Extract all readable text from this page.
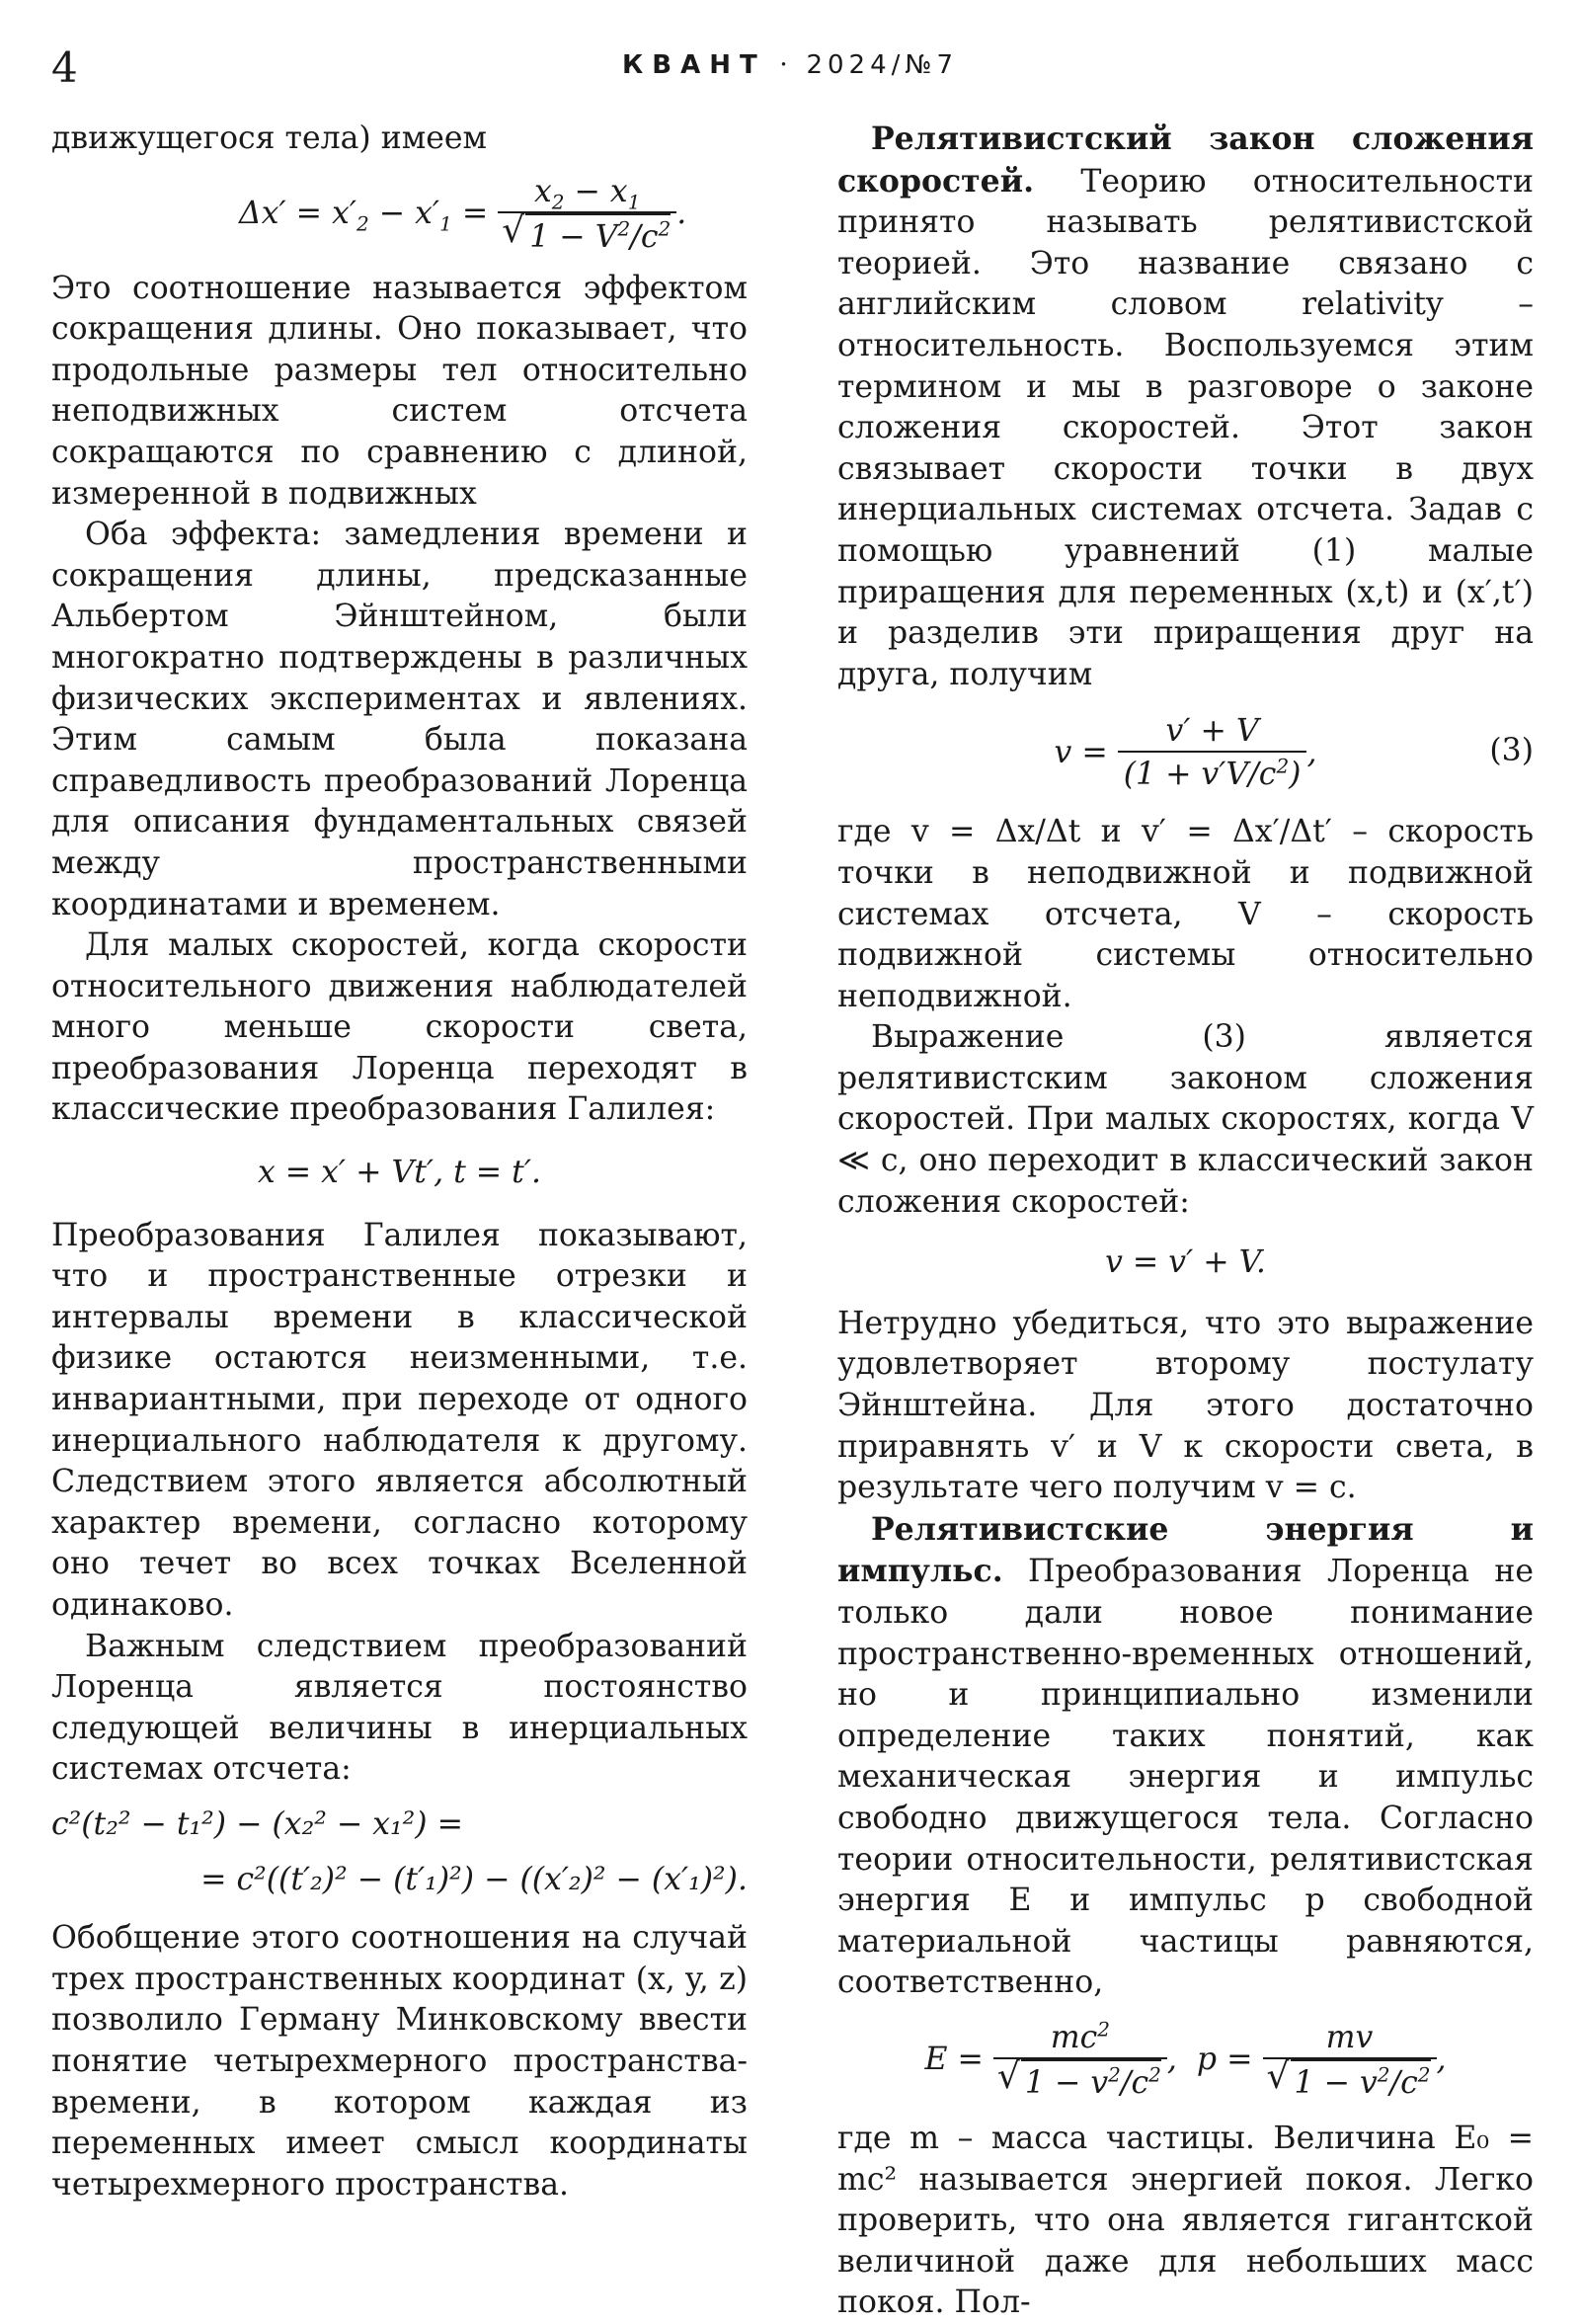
4	КВАНТ · 2024/№7

движущегося тела) имеем

$\Delta x' = x'_2 - x'_1 = x_2 - x_1$
√ $1 - V^2/c^2$ .

Это соотношение называется эффектом сокращения длины. Оно показывает, что продольные размеры тел относительно неподвижных систем отсчета сокращаются по сравнению с длиной, измеренной в подвижных

Оба эффекта: замедления времени и сокращения длины, предсказанные Альбертом Эйнштейном, были многократно подтверждены в различных физических экспериментах и явлениях. Этим самым была показана справедливость преобразований Лоренца для описания фундаментальных связей между пространственными координатами и временем.

Для малых скоростей, когда скорости относительного движения наблюдателей много меньше скорости света, преобразования Лоренца переходят в классические преобразования Галилея:

x = x′ + Vt′, t = t′.

Преобразования Галилея показывают, что и пространственные отрезки и интервалы времени в классической физике остаются неизменными, т.е. инвариантными, при переходе от одного инерциального наблюдателя к другому. Следствием этого является абсолютный характер времени, согласно которому оно течет во всех точках Вселенной одинаково.

Важным следствием преобразований Лоренца является постоянство следующей величины в инерциальных системах отсчета:

c²(t₂² − t₁²) − (x₂² − x₁²) =
= c²((t′₂)² − (t′₁)²) − ((x′₂)² − (x′₁)²).

Обобщение этого соотношения на случай трех пространственных координат (x, y, z) позволило Герману Минковскому ввести понятие четырехмерного пространства-времени, в котором каждая из переменных имеет смысл координаты четырехмерного пространства.

Релятивистский закон сложения скоростей. Теорию относительности принято называть релятивистской теорией. Это название связано с английским словом relativity – относительность. Воспользуемся этим термином и мы в разговоре о законе сложения скоростей. Этот закон связывает скорости точки в двух инерциальных системах отсчета. Задав с помощью уравнений (1) малые приращения для переменных (x,t) и (x′,t′) и разделив эти приращения друг на друга, получим

$v = \frac{v' + V}{(1 + v'V/c^2)}$ ,	(3)

где v = Δx/Δt и v′ = Δx′/Δt′ – скорость точки в неподвижной и подвижной системах отсчета, V – скорость подвижной системы относительно неподвижной.

Выражение (3) является релятивистским законом сложения скоростей. При малых скоростях, когда V ≪ c, оно переходит в классический закон сложения скоростей:

v = v′ + V.

Нетрудно убедиться, что это выражение удовлетворяет второму постулату Эйнштейна. Для этого достаточно приравнять v′ и V к скорости света, в результате чего получим v = c.

Релятивистские энергия и импульс. Преобразования Лоренца не только дали новое понимание пространственно-временных отношений, но и принципиально изменили определение таких понятий, как механическая энергия и импульс свободно движущегося тела. Согласно теории относительности, релятивистская энергия E и импульс p свободной материальной частицы равняются, соответственно,

$E = mc^2$
√ $1 - v^2/c^2$ ,  p = mv
√ $1 - v^2/c^2$ ,

где m – масса частицы. Величина E₀ = mc² называется энергией покоя. Легко проверить, что она является гигантской величиной даже для небольших масс покоя. Пол-
